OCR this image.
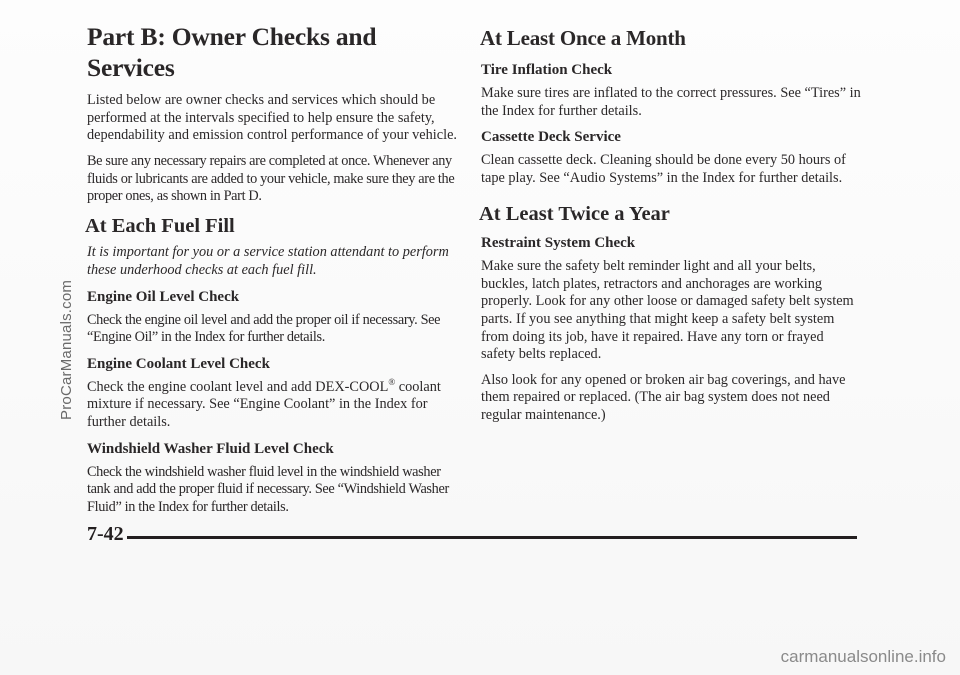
Part B: Owner Checks and Services

Listed below are owner checks and services which should be performed at the intervals specified to help ensure the safety, dependability and emission control performance of your vehicle.

Be sure any necessary repairs are completed at once. Whenever any fluids or lubricants are added to your vehicle, make sure they are the proper ones, as shown in Part D.

At Each Fuel Fill

It is important for you or a service station attendant to perform these underhood checks at each fuel fill.

Engine Oil Level Check

Check the engine oil level and add the proper oil if necessary. See “Engine Oil” in the Index for further details.

Engine Coolant Level Check

Check the engine coolant level and add DEX-COOL® coolant mixture if necessary. See “Engine Coolant” in the Index for further details.

Windshield Washer Fluid Level Check

Check the windshield washer fluid level in the windshield washer tank and add the proper fluid if necessary. See “Windshield Washer Fluid” in the Index for further details.

At Least Once a Month
Tire Inflation Check

Make sure tires are inflated to the correct pressures. See “Tires” in the Index for further details.

Cassette Deck Service

Clean cassette deck. Cleaning should be done every 50 hours of tape play. See “Audio Systems” in the Index for further details.

At Least Twice a Year
Restraint System Check

Make sure the safety belt reminder light and all your belts, buckles, latch plates, retractors and anchorages are working properly. Look for any other loose or damaged safety belt system parts. If you see anything that might keep a safety belt system from doing its job, have it repaired. Have any torn or frayed safety belts replaced.

Also look for any opened or broken air bag coverings, and have them repaired or replaced. (The air bag system does not need regular maintenance.)

7-42
ProCarManuals.com
carmanualsonline.info
